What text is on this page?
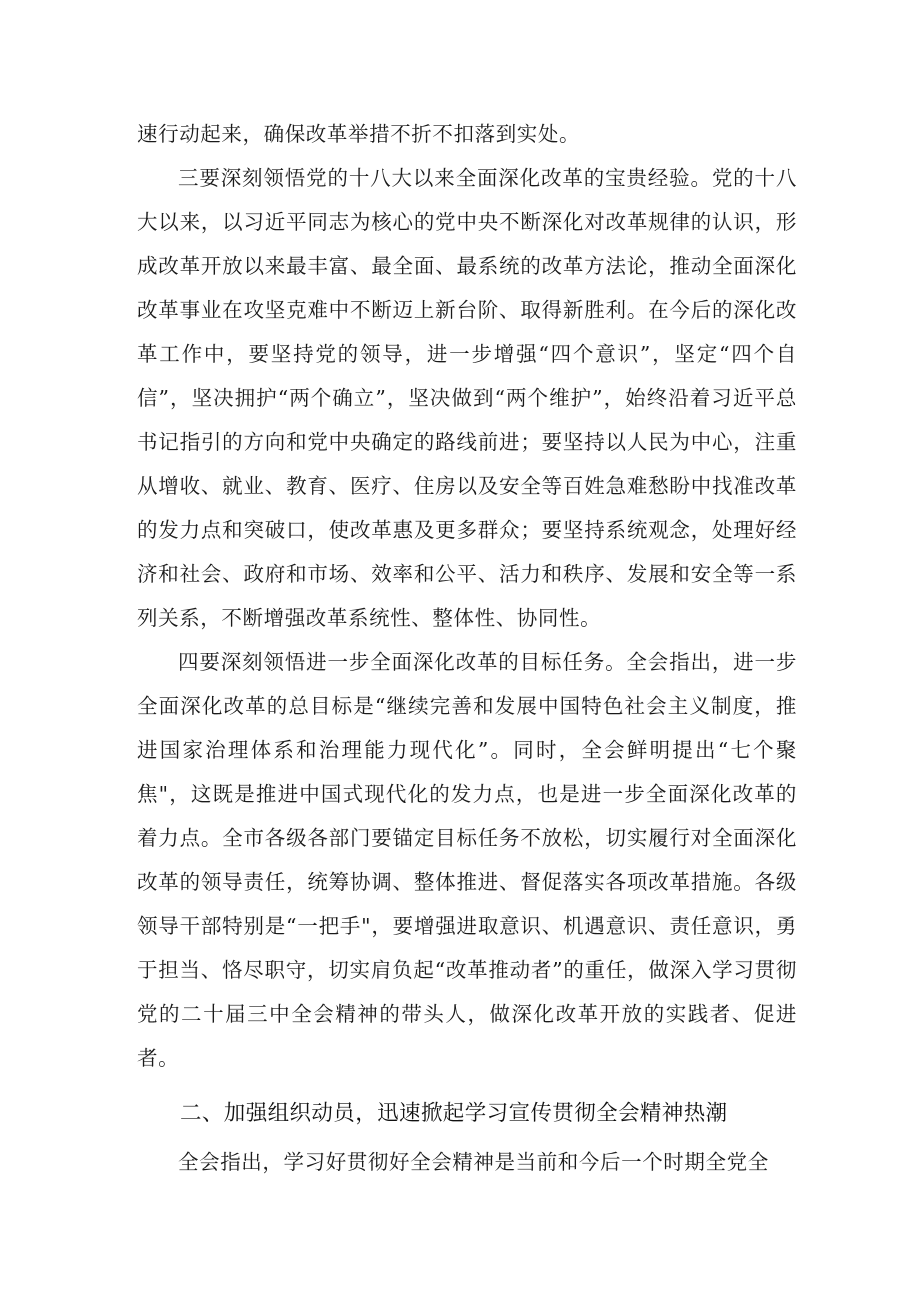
速行动起来，确保改革举措不折不扣落到实处。

三要深刻领悟党的十八大以来全面深化改革的宝贵经验。党的十八大以来，以习近平同志为核心的党中央不断深化对改革规律的认识，形成改革开放以来最丰富、最全面、最系统的改革方法论，推动全面深化改革事业在攻坚克难中不断迈上新台阶、取得新胜利。在今后的深化改革工作中，要坚持党的领导，进一步增强“四个意识”，坚定“四个自信”，坚决拥护“两个确立”，坚决做到“两个维护”，始终沿着习近平总书记指引的方向和党中央确定的路线前进；要坚持以人民为中心，注重从增收、就业、教育、医疗、住房以及安全等百姓急难愁盼中找准改革的发力点和突破口，使改革惠及更多群众；要坚持系统观念，处理好经济和社会、政府和市场、效率和公平、活力和秩序、发展和安全等一系列关系，不断增强改革系统性、整体性、协同性。

四要深刻领悟进一步全面深化改革的目标任务。全会指出，进一步全面深化改革的总目标是“继续完善和发展中国特色社会主义制度，推进国家治理体系和治理能力现代化”。同时，全会鲜明提出“七个聚焦"，这既是推进中国式现代化的发力点，也是进一步全面深化改革的着力点。全市各级各部门要锚定目标任务不放松，切实履行对全面深化改革的领导责任，统筹协调、整体推进、督促落实各项改革措施。各级领导干部特别是“一把手"，要增强进取意识、机遇意识、责任意识，勇于担当、恪尽职守，切实肩负起“改革推动者”的重任，做深入学习贯彻党的二十届三中全会精神的带头人，做深化改革开放的实践者、促进者。

二、加强组织动员，迅速掀起学习宣传贯彻全会精神热潮

全会指出，学习好贯彻好全会精神是当前和今后一个时期全党全
